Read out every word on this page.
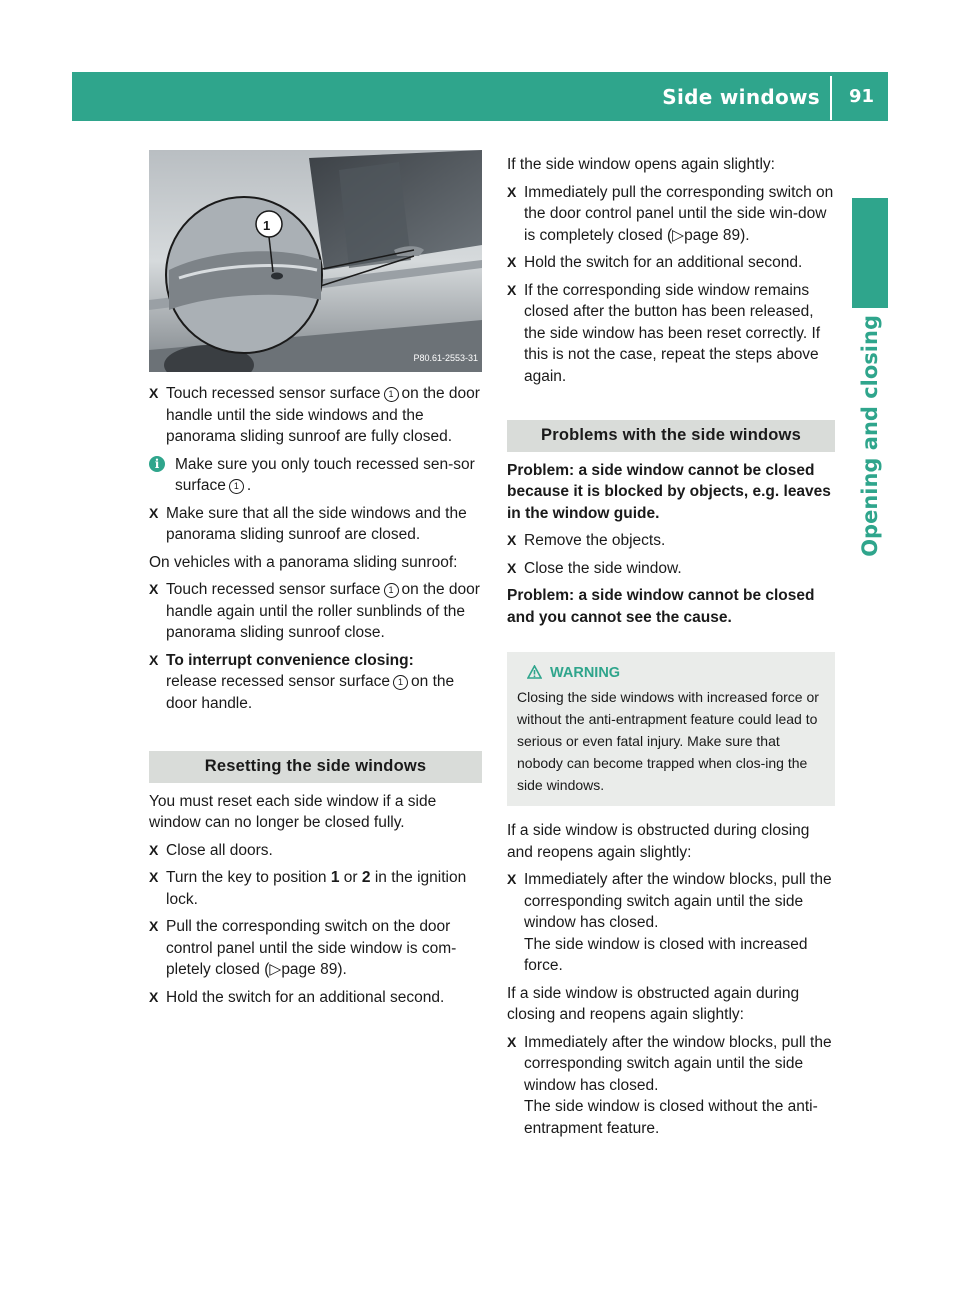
Side windows 91
Opening and closing
1
P80.61-2553-31
X Touch recessed sensor surface 1 on the door handle until the side windows and the panorama sliding sunroof are fully closed.
i	Make sure you only touch recessed sen-sor surface 1 .
X Make sure that all the side windows and the panorama sliding sunroof are closed.

On vehicles with a panorama sliding sunroof:

X Touch recessed sensor surface 1 on the door handle again until the roller sunblinds of the panorama sliding sunroof close.
X To interrupt convenience closing:
release recessed sensor surface 1 on the door handle.
Resetting the side windows

You must reset each side window if a side window can no longer be closed fully.

X Close all doors.
X Turn the key to position 1 or 2 in the ignition lock.
X Pull the corresponding switch on the door control panel until the side window is com-pletely closed (▷page 89).
X Hold the switch for an additional second.

If the side window opens again slightly:

X Immediately pull the corresponding switch on the door control panel until the side win-dow is completely closed (▷page 89).
X Hold the switch for an additional second.
X If the corresponding side window remains closed after the button has been released, the side window has been reset correctly. If this is not the case, repeat the steps above again.
Problems with the side windows

Problem: a side window cannot be closed because it is blocked by objects, e.g. leaves in the window guide.

X Remove the objects.
X Close the side window.

Problem: a side window cannot be closed and you cannot see the cause.

WARNING
Closing the side windows with increased force or without the anti-entrapment feature could lead to serious or even fatal injury. Make sure that nobody can become trapped when clos-ing the side windows.

If a side window is obstructed during closing and reopens again slightly:

X Immediately after the window blocks, pull the corresponding switch again until the side window has closed.
The side window is closed with increased force.

If a side window is obstructed again during closing and reopens again slightly:

X Immediately after the window blocks, pull the corresponding switch again until the side window has closed.
The side window is closed without the anti-entrapment feature.
